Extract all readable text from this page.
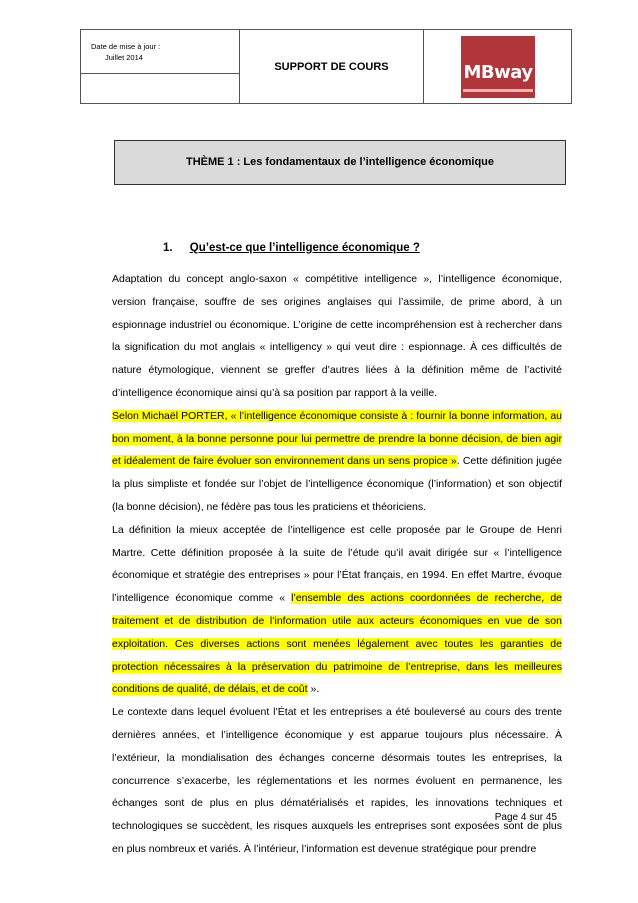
Date de mise à jour :
Juillet 2014
	SUPPORT DE COURS	MBway

THÈME 1 : Les fondamentaux de l’intelligence économique
1. Qu’est-ce que l’intelligence économique ?

Adaptation du concept anglo-saxon « compétitive intelligence », l’intelligence économique, version française, souffre de ses origines anglaises qui l’assimile, de prime abord, à un espionnage industriel ou économique. L’origine de cette incompréhension est à rechercher dans la signification du mot anglais « intelligency » qui veut dire : espionnage. À ces difficultés de nature étymologique, viennent se greffer d’autres liées à la définition même de l’activité d’intelligence économique ainsi qu’à sa position par rapport à la veille.

Selon Michaël PORTER, « l’intelligence économique consiste à : fournir la bonne information, au bon moment, à la bonne personne pour lui permettre de prendre la bonne décision, de bien agir et idéalement de faire évoluer son environnement dans un sens propice ». Cette définition jugée la plus simpliste et fondée sur l’objet de l’intelligence économique (l’information) et son objectif (la bonne décision), ne fédère pas tous les praticiens et théoriciens.

La définition la mieux acceptée de l’intelligence est celle proposée par le Groupe de Henri Martre. Cette définition proposée à la suite de l’étude qu’il avait dirigée sur « l’intelligence économique et stratégie des entreprises » pour l’État français, en 1994. En effet Martre, évoque l’intelligence économique comme « l’ensemble des actions coordonnées de recherche, de traitement et de distribution de l’information utile aux acteurs économiques en vue de son exploitation. Ces diverses actions sont menées légalement avec toutes les garanties de protection nécessaires à la préservation du patrimoine de l’entreprise, dans les meilleures conditions de qualité, de délais, et de coût ».

Le contexte dans lequel évoluent l’État et les entreprises a été bouleversé au cours des trente dernières années, et l’intelligence économique y est apparue toujours plus nécessaire. À l’extérieur, la mondialisation des échanges concerne désormais toutes les entreprises, la concurrence s’exacerbe, les réglementations et les normes évoluent en permanence, les échanges sont de plus en plus dématérialisés et rapides, les innovations techniques et technologiques se succèdent, les risques auxquels les entreprises sont exposées sont de plus en plus nombreux et variés. À l’intérieur, l’information est devenue stratégique pour prendre

Page 4 sur 45
